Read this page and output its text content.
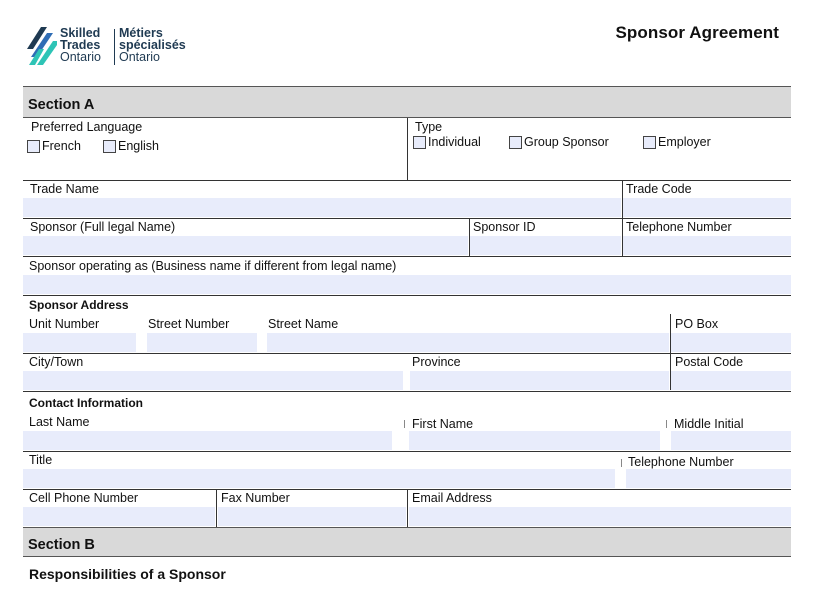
Skilled
Trades
Ontario
Métiers
spécialisés
Ontario
Sponsor Agreement
Section A
Preferred Language
French	English
Type
Individual	Group Sponsor	Employer
Trade Name	Trade Code
Sponsor (Full legal Name)	Sponsor ID	Telephone Number
Sponsor operating as (Business name if different from legal name)
Sponsor Address
Unit Number	Street Number	Street Name	PO Box
City/Town	Province	Postal Code
Contact Information
Last Name	First Name	Middle Initial
Title	Telephone Number
Cell Phone Number	Fax Number	Email Address
Section B
Responsibilities of a Sponsor
